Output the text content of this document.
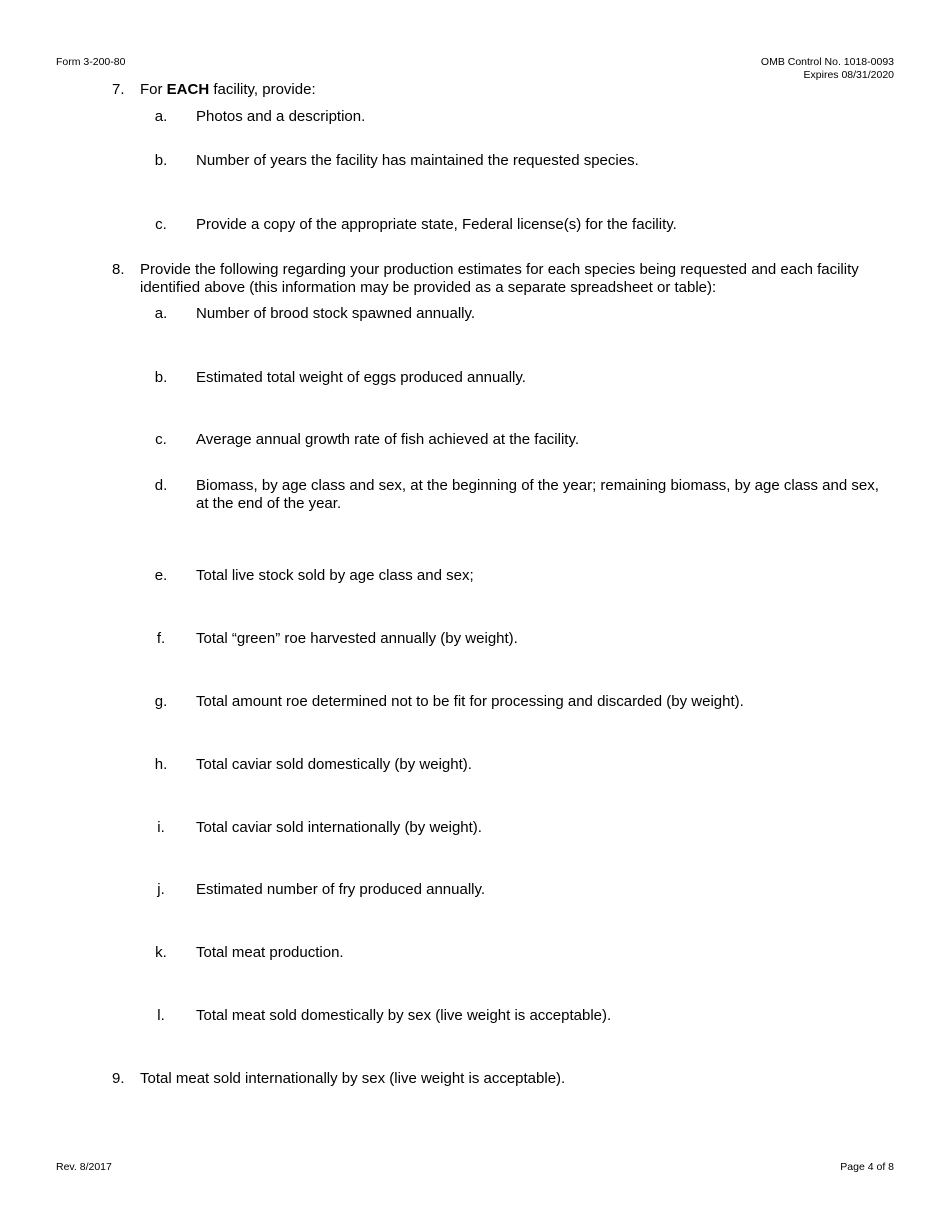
Form 3-200-80	OMB Control No. 1018-0093
Expires 08/31/2020
7. For EACH facility, provide:
a.	Photos and a description.
b.	Number of years the facility has maintained the requested species.
c.	Provide a copy of the appropriate state, Federal license(s) for the facility.
8. Provide the following regarding your production estimates for each species being requested and each facility identified above (this information may be provided as a separate spreadsheet or table):
a.	Number of brood stock spawned annually.
b.	Estimated total weight of eggs produced annually.
c.	Average annual growth rate of fish achieved at the facility.
d.	Biomass, by age class and sex, at the beginning of the year; remaining biomass, by age class and sex, at the end of the year.
e.	Total live stock sold by age class and sex;
f.	Total “green” roe harvested annually (by weight).
g.	Total amount roe determined not to be fit for processing and discarded (by weight).
h.	Total caviar sold domestically (by weight).
i.	Total caviar sold internationally (by weight).
j.	Estimated number of fry produced annually.
k.	Total meat production.
l.	Total meat sold domestically by sex (live weight is acceptable).
9. Total meat sold internationally by sex (live weight is acceptable).
Rev. 8/2017	Page 4 of 8
